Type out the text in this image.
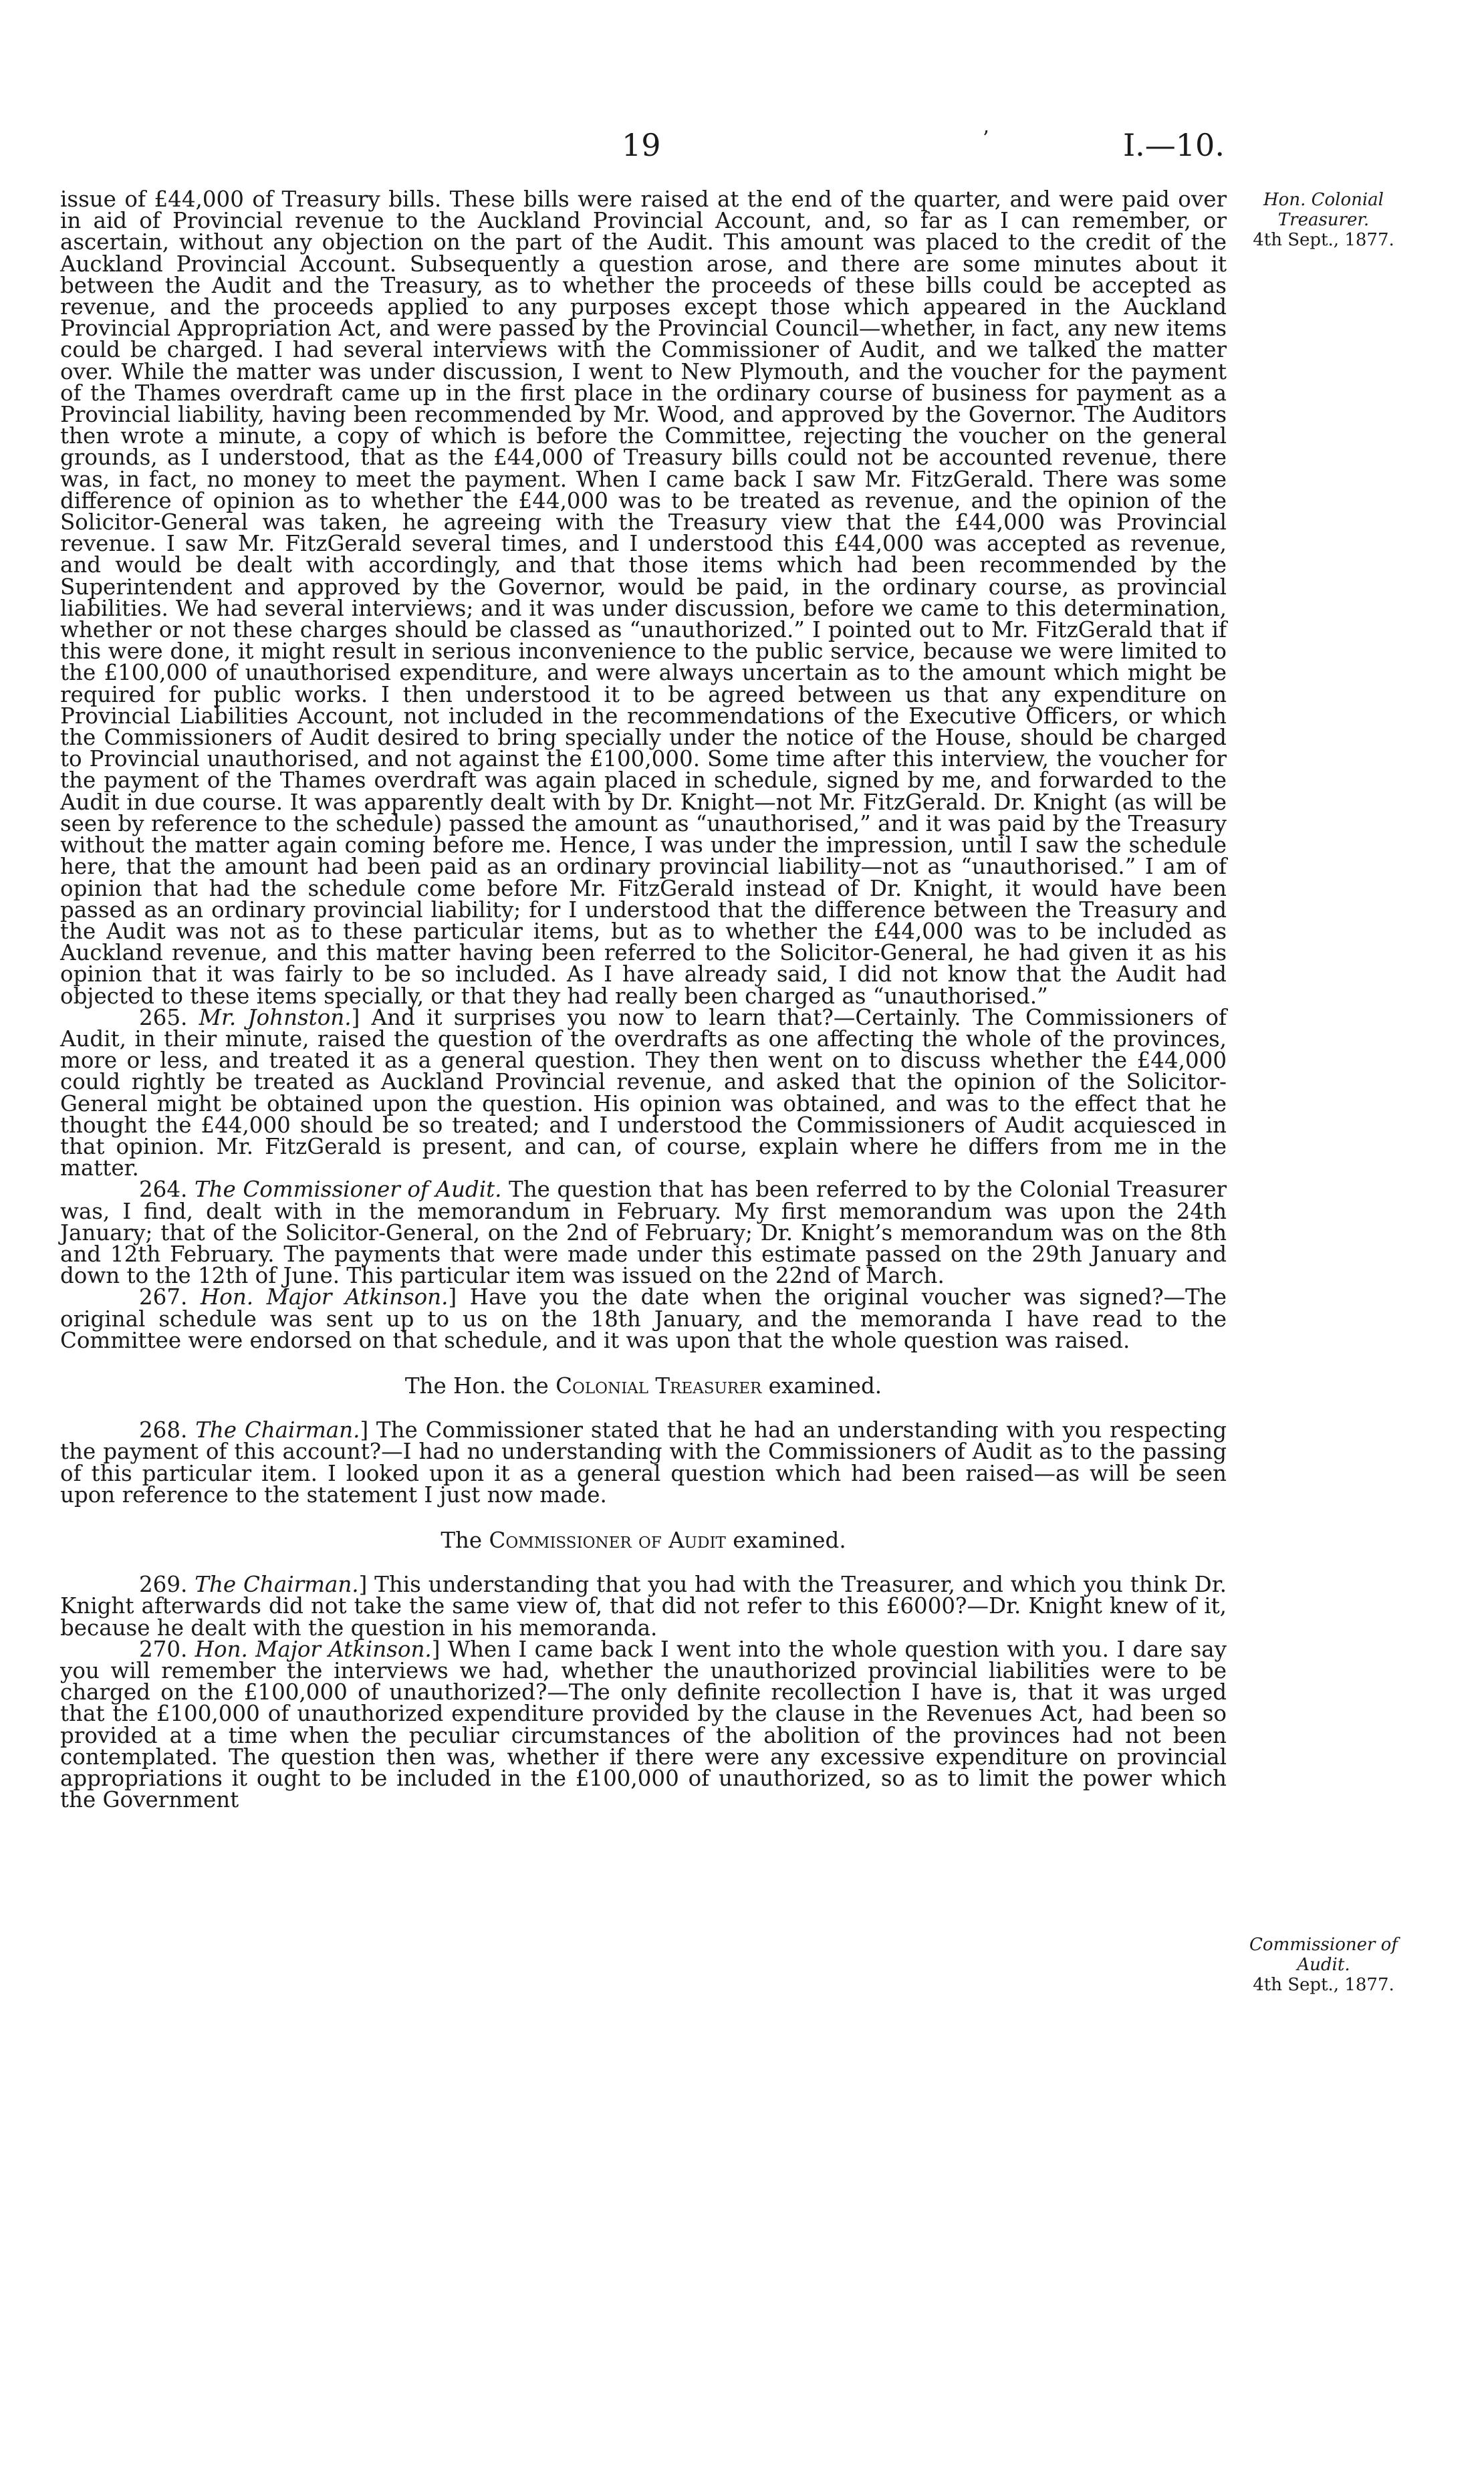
19	’	I.—10.
Hon. Colonial Treasurer.
4th Sept., 1877.
Commissioner of Audit.
4th Sept., 1877.

issue of £44,000 of Treasury bills. These bills were raised at the end of the quarter, and were paid over in aid of Provincial revenue to the Auckland Provincial Account, and, so far as I can remember, or ascertain, without any objection on the part of the Audit. This amount was placed to the credit of the Auckland Provincial Account. Subsequently a question arose, and there are some minutes about it between the Audit and the Treasury, as to whether the proceeds of these bills could be accepted as revenue, and the proceeds applied to any purposes except those which appeared in the Auckland Provincial Appropriation Act, and were passed by the Provincial Council—whether, in fact, any new items could be charged. I had several interviews with the Commissioner of Audit, and we talked the matter over. While the matter was under discussion, I went to New Plymouth, and the voucher for the payment of the Thames overdraft came up in the first place in the ordinary course of business for payment as a Provincial liability, having been recommended by Mr. Wood, and approved by the Governor. The Auditors then wrote a minute, a copy of which is before the Committee, rejecting the voucher on the general grounds, as I understood, that as the £44,000 of Treasury bills could not be accounted revenue, there was, in fact, no money to meet the payment. When I came back I saw Mr. FitzGerald. There was some difference of opinion as to whether the £44,000 was to be treated as revenue, and the opinion of the Solicitor-General was taken, he agreeing with the Treasury view that the £44,000 was Provincial revenue. I saw Mr. FitzGerald several times, and I understood this £44,000 was accepted as revenue, and would be dealt with accordingly, and that those items which had been recommended by the Superintendent and approved by the Governor, would be paid, in the ordinary course, as provincial liabilities. We had several interviews; and it was under discussion, before we came to this determination, whether or not these charges should be classed as “unauthorized.” I pointed out to Mr. FitzGerald that if this were done, it might result in serious inconvenience to the public service, because we were limited to the £100,000 of unauthorised expenditure, and were always uncertain as to the amount which might be required for public works. I then understood it to be agreed between us that any expenditure on Provincial Liabilities Account, not included in the recommendations of the Executive Officers, or which the Commissioners of Audit desired to bring specially under the notice of the House, should be charged to Provincial unauthorised, and not against the £100,000. Some time after this interview, the voucher for the payment of the Thames overdraft was again placed in schedule, signed by me, and forwarded to the Audit in due course. It was apparently dealt with by Dr. Knight—not Mr. FitzGerald. Dr. Knight (as will be seen by reference to the schedule) passed the amount as “unauthorised,” and it was paid by the Treasury without the matter again coming before me. Hence, I was under the impression, until I saw the schedule here, that the amount had been paid as an ordinary provincial liability—not as “unauthorised.” I am of opinion that had the schedule come before Mr. FitzGerald instead of Dr. Knight, it would have been passed as an ordinary provincial liability; for I understood that the difference between the Treasury and the Audit was not as to these particular items, but as to whether the £44,000 was to be included as Auckland revenue, and this matter having been referred to the Solicitor-General, he had given it as his opinion that it was fairly to be so included. As I have already said, I did not know that the Audit had objected to these items specially, or that they had really been charged as “unauthorised.”

265. Mr. Johnston.] And it surprises you now to learn that?—Certainly. The Commissioners of Audit, in their minute, raised the question of the overdrafts as one affecting the whole of the provinces, more or less, and treated it as a general question. They then went on to discuss whether the £44,000 could rightly be treated as Auckland Provincial revenue, and asked that the opinion of the Solicitor-General might be obtained upon the question. His opinion was obtained, and was to the effect that he thought the £44,000 should be so treated; and I understood the Commissioners of Audit acquiesced in that opinion. Mr. FitzGerald is present, and can, of course, explain where he differs from me in the matter.

264. The Commissioner of Audit. The question that has been referred to by the Colonial Treasurer was, I find, dealt with in the memorandum in February. My first memorandum was upon the 24th January; that of the Solicitor-General, on the 2nd of February; Dr. Knight’s memorandum was on the 8th and 12th February. The payments that were made under this estimate passed on the 29th January and down to the 12th of June. This particular item was issued on the 22nd of March.

267. Hon. Major Atkinson.] Have you the date when the original voucher was signed?—The original schedule was sent up to us on the 18th January, and the memoranda I have read to the Committee were endorsed on that schedule, and it was upon that the whole question was raised.

The Hon. the Colonial Treasurer examined.

268. The Chairman.] The Commissioner stated that he had an understanding with you respecting the payment of this account?—I had no understanding with the Commissioners of Audit as to the passing of this particular item. I looked upon it as a general question which had been raised—as will be seen upon reference to the statement I just now made.

The Commissioner of Audit examined.

269. The Chairman.] This understanding that you had with the Treasurer, and which you think Dr. Knight afterwards did not take the same view of, that did not refer to this £6000?—Dr. Knight knew of it, because he dealt with the question in his memoranda.

270. Hon. Major Atkinson.] When I came back I went into the whole question with you. I dare say you will remember the interviews we had, whether the unauthorized provincial liabilities were to be charged on the £100,000 of unauthorized?—The only definite recollection I have is, that it was urged that the £100,000 of unauthorized expenditure provided by the clause in the Revenues Act, had been so provided at a time when the peculiar circumstances of the abolition of the provinces had not been contemplated. The question then was, whether if there were any excessive expenditure on provincial appropriations it ought to be included in the £100,000 of unauthorized, so as to limit the power which the Government
